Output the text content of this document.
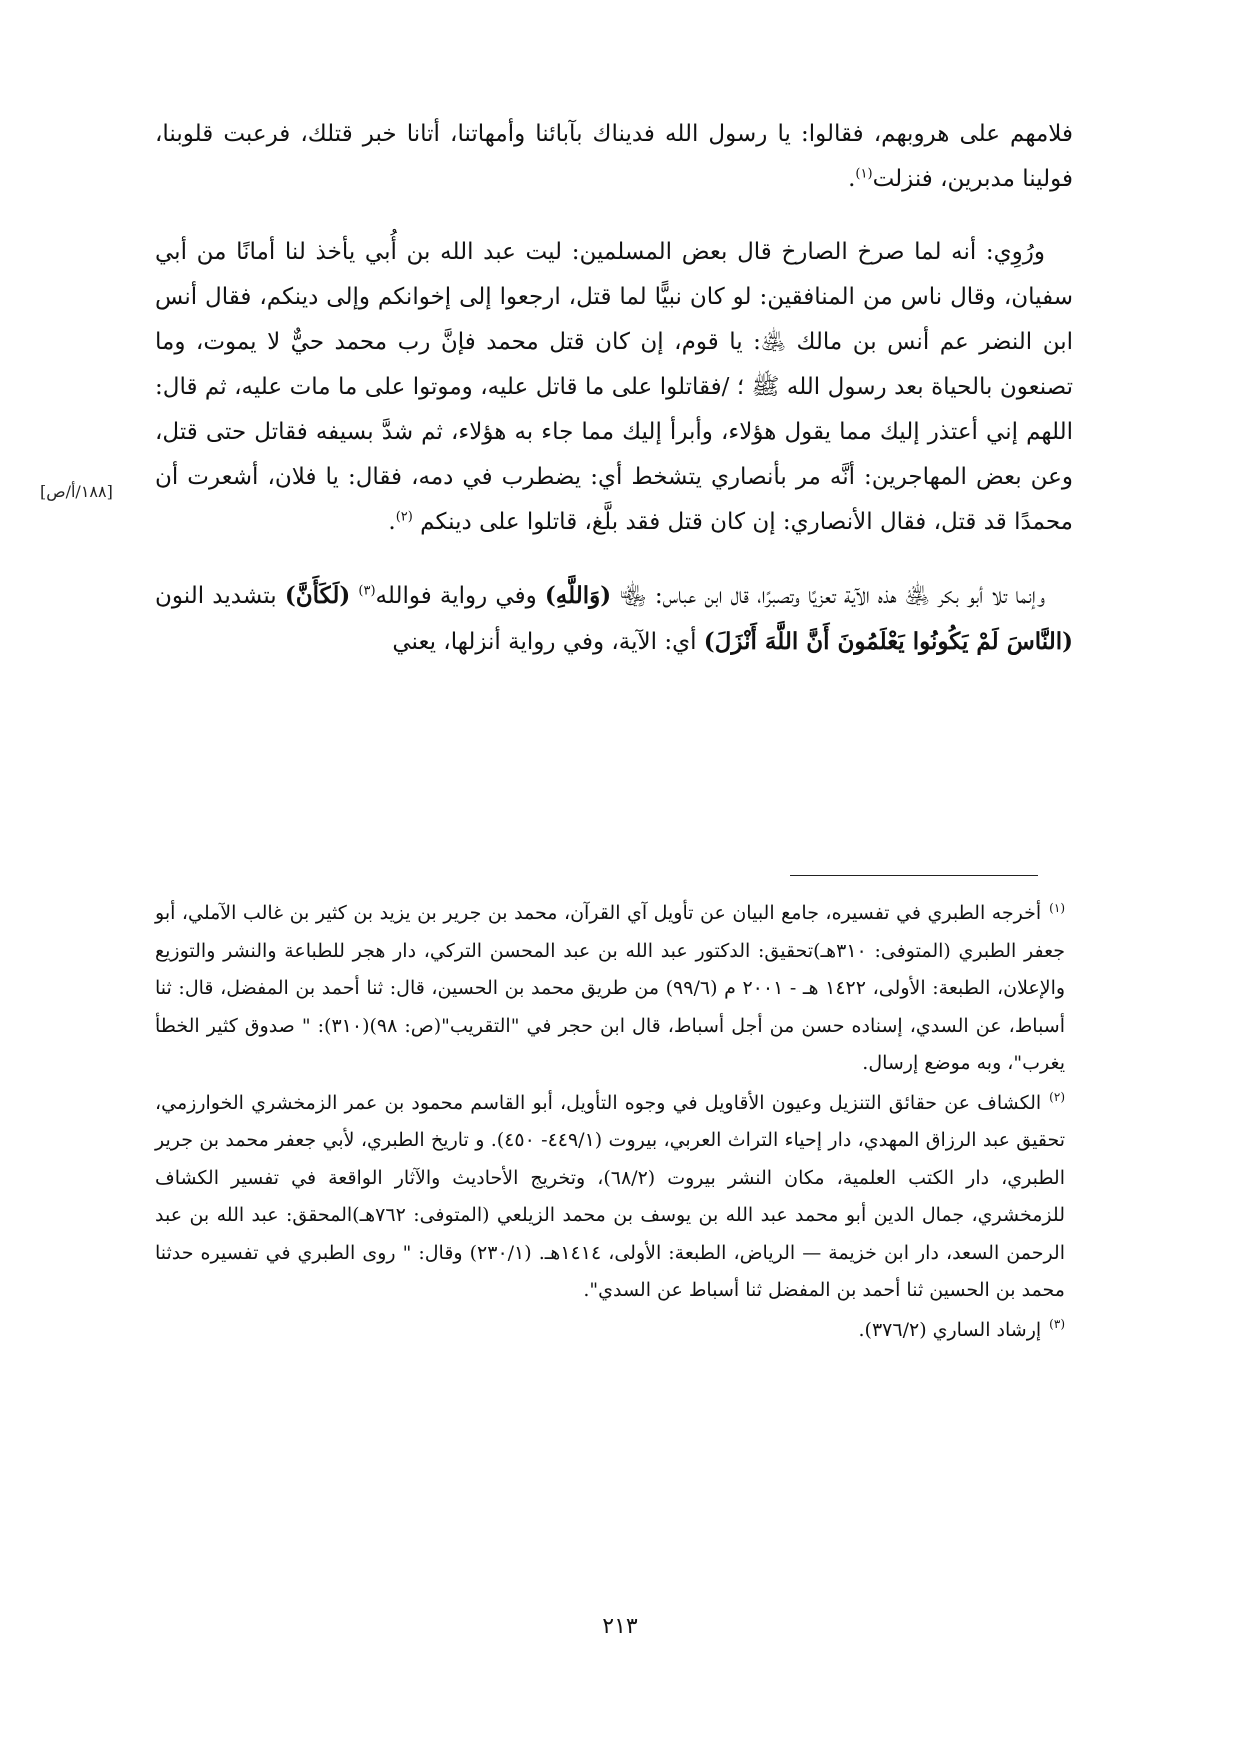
فلامهم على هروبهم، فقالوا: يا رسول الله فديناك بآبائنا وأمهاتنا، أتانا خبر قتلك، فرعبت قلوبنا، فولينا مدبرين، فنزلت$^{(١)}$.

ورُوِي: أنه لما صرخ الصارخ قال بعض المسلمين: ليت عبد الله بن أُبي يأخذ لنا أمانًا من أبي سفيان، وقال ناس من المنافقين: لو كان نبيًّا لما قتل، ارجعوا إلى إخوانكم وإلى دينكم، فقال أنس ابن النضر عم أنس بن مالك ﵁: يا قوم، إن كان قتل محمد فإنَّ رب محمد حيٌّ لا يموت، وما تصنعون بالحياة بعد رسول الله ﷺ ؛ /فقاتلوا على ما قاتل عليه، وموتوا على ما مات عليه، ثم قال: اللهم إني أعتذر إليك مما يقول هؤلاء، وأبرأ إليك مما جاء به هؤلاء، ثم شدَّ بسيفه فقاتل حتى قتل، وعن بعض المهاجرين: أنَّه مر بأنصاري يتشخط أي: يضطرب في دمه، فقال: يا فلان، أشعرت أن محمدًا قد قتل، فقال الأنصاري: إن كان قتل فقد بلَّغ، قاتلوا على دينكم $^{(٢)}$.

وإنما تلا أبو بكر ﵁ هذه الآية تعزيًا وتصبرًا، قال ابن عباس: ﵄ (وَاللَّهِ) وفي رواية فوالله$^{(٣)}$ (لَكَأَنَّ) بتشديد النون (النَّاسَ لَمْ يَكُونُوا يَعْلَمُونَ أَنَّ اللَّهَ أَنْزَلَ) أي: الآية، وفي رواية أنزلها، يعني

[١٨٨/أ/ص]
$^{(١)}$أخرجه الطبري في تفسيره، جامع البيان عن تأويل آي القرآن، محمد بن جرير بن يزيد بن كثير بن غالب الآملي، أبو جعفر الطبري (المتوفى: ٣١٠هـ)تحقيق: الدكتور عبد الله بن عبد المحسن التركي، دار هجر للطباعة والنشر والتوزيع والإعلان، الطبعة: الأولى، ١٤٢٢ هـ - ٢٠٠١ م (٩٩/٦) من طريق محمد بن الحسين، قال: ثنا أحمد بن المفضل، قال: ثنا أسباط، عن السدي، إسناده حسن من أجل أسباط، قال ابن حجر في "التقريب"(ص: ٩٨)(٣١٠): " صدوق كثير الخطأ يغرب"، وبه موضع إرسال.
$^{(٢)}$الكشاف عن حقائق التنزيل وعيون الأقاويل في وجوه التأويل، أبو القاسم محمود بن عمر الزمخشري الخوارزمي، تحقيق عبد الرزاق المهدي، دار إحياء التراث العربي، بيروت (٤٤٩/١- ٤٥٠). و تاريخ الطبري، لأبي جعفر محمد بن جرير الطبري، دار الكتب العلمية، مكان النشر بيروت (٦٨/٢)، وتخريج الأحاديث والآثار الواقعة في تفسير الكشاف للزمخشري، جمال الدين أبو محمد عبد الله بن يوسف بن محمد الزيلعي (المتوفى: ٧٦٢هـ)المحقق: عبد الله بن عبد الرحمن السعد، دار ابن خزيمة — الرياض، الطبعة: الأولى، ١٤١٤هـ. (٢٣٠/١) وقال: " روى الطبري في تفسيره حدثنا محمد بن الحسين ثنا أحمد بن المفضل ثنا أسباط عن السدي".
$^{(٣)}$إرشاد الساري (٣٧٦/٢).
٢١٣
